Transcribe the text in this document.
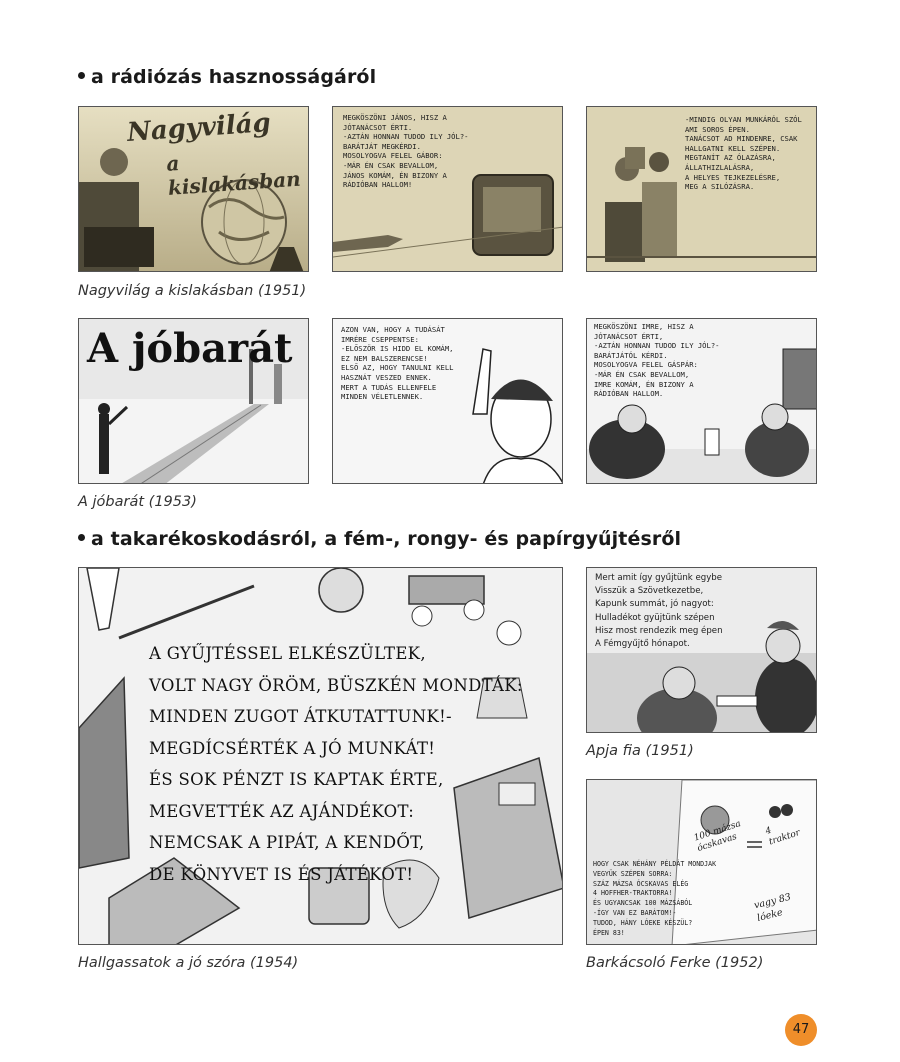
a rádiózás hasznosságáról
Nagyvilág
a kislakásban
MEGKÖSZÖNI JÁNOS, HISZ A
JÓTANÁCSOT ÉRTI.
-AZTÁN HONNAN TUDOD ILY JÓL?-
BARÁTJÁT MEGKÉRDI.
MOSOLYOGVA FELEL GÁBOR:
-MÁR ÉN CSAK BEVALLOM,
JÁNOS KOMÁM, ÉN BIZONY A
RÁDIÓBAN HALLOM!
-MINDIG OLYAN MUNKÁRÓL SZÓL
AMI SOROS ÉPEN.
TANÁCSOT AD MINDENRE, CSAK
HALLGATNI KELL SZÉPEN.
MEGTANÍT AZ ÓLAZÁSRA,
ÁLLATHIZLALÁSRA,
A HELYES TEJKEZELÉSRE,
MEG A SILÓZÁSRA.
Nagyvilág a kislakásban (1951)
A jóbarát	AZON VAN, HOGY A TUDÁSÁT
IMRÉRE CSEPPENTSE:
-ELŐSZÖR IS HIDD EL KOMÁM,
EZ NEM BALSZERENCSE!
ELSŐ AZ, HOGY TANULNI KELL
HASZNÁT VESZED ENNEK.
MERT A TUDÁS ELLENFELE
MINDEN VÉLETLENNEK.
MEGKÖSZÖNI IMRE, HISZ A
JÓTANÁCSOT ÉRTI,
-AZTÁN HONNAN TUDOD ILY JÓL?-
BARÁTJÁTÓL KÉRDI.
MOSOLYOGVA FELEL GÁSPÁR:
-MÁR ÉN CSAK BEVALLOM,
IMRE KOMÁM, ÉN BIZONY A
RÁDIÓBAN HALLOM.
A jóbarát (1953)
a takarékoskodásról, a fém-, rongy- és papírgyűjtésről
A GYŰJTÉSSEL ELKÉSZÜLTEK,
VOLT NAGY ÖRÖM, BÜSZKÉN MONDTÁK:
MINDEN ZUGOT ÁTKUTATTUNK!-
MEGDÍCSÉRTÉK A JÓ MUNKÁT!
ÉS SOK PÉNZT IS KAPTAK ÉRTE,
MEGVETTÉK AZ AJÁNDÉKOT:
NEMCSAK A PIPÁT, A KENDŐT,
DE KÖNYVET IS ÉS JÁTÉKOT!
Hallgassatok a jó szóra (1954)
Mert amit így gyűjtünk egybe
Visszük a Szövetkezetbe,
Kapunk summát, jó nagyot:
Hulladékot gyüjtünk szépen
Hisz most rendezik meg épen
A Fémgyűjtő hónapot.
Apja fia (1951)
100 mázsa
ócskavas
4
traktor
vagy 83 lóeke
HOGY CSAK NÉHÁNY PÉLDÁT MONDJAK
VEGYÜK SZÉPEN SORRA:
SZÁZ MÁZSA ÓCSKAVAS ELÉG
4 HOFFHER-TRAKTORRA!
ÉS UGYANCSAK 100 MÁZSÁBÓL
-ÍGY VAN EZ BARÁTOM!-
TUDOD, HÁNY LÓEKE KÉSZÜL?
ÉPEN 83!
Barkácsoló Ferke (1952)
47
